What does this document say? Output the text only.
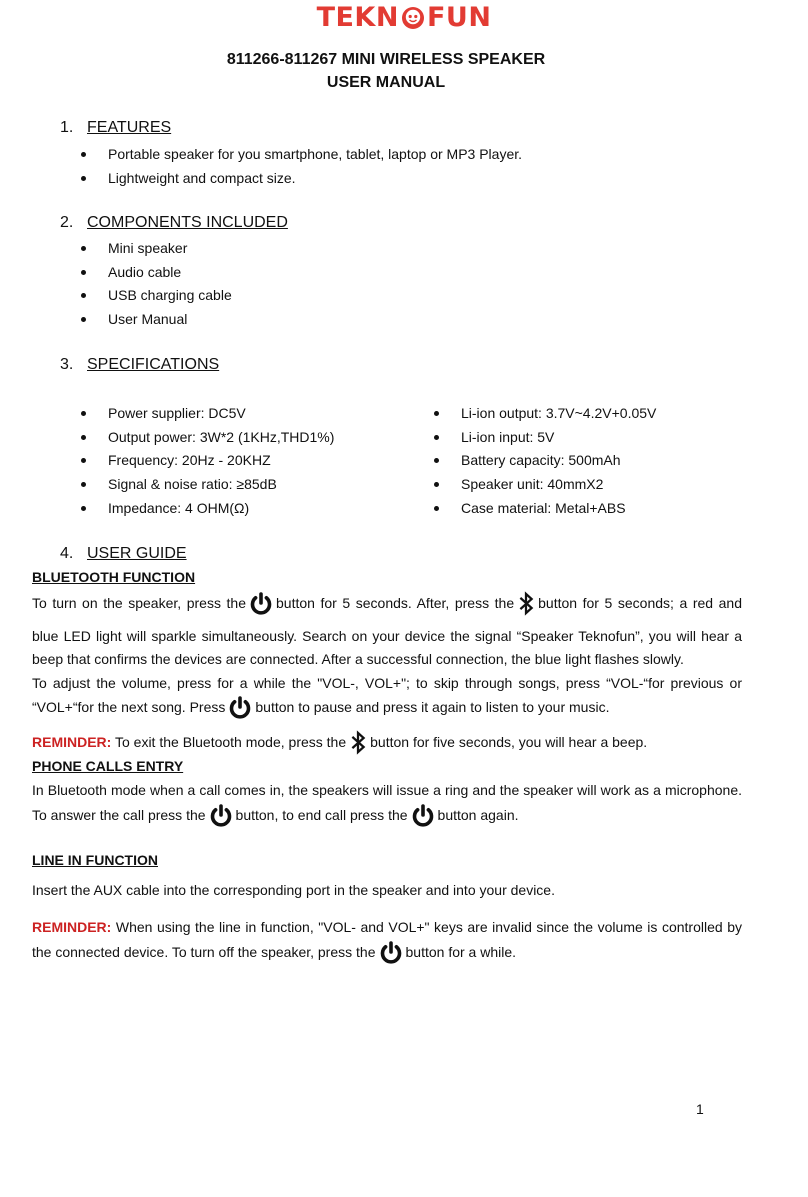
TEKN FUN
811266-811267 MINI WIRELESS SPEAKER
USER MANUAL
1. FEATURES
Portable speaker for you smartphone, tablet, laptop or MP3 Player.
Lightweight and compact size.
2. COMPONENTS INCLUDED
Mini speaker
Audio cable
USB charging cable
User Manual
3. SPECIFICATIONS
Power supplier: DC5V
Output power: 3W*2 (1KHz,THD1%)
Frequency: 20Hz - 20KHZ
Signal & noise ratio: ≥85dB
Impedance: 4 OHM(Ω)
Li-ion output: 3.7V~4.2V+0.05V
Li-ion input: 5V
Battery capacity: 500mAh
Speaker unit: 40mmX2
Case material: Metal+ABS
4. USER GUIDE
BLUETOOTH FUNCTION
To turn on the speaker, press the button for 5 seconds. After, press the button for 5 seconds; a red and blue LED light will sparkle simultaneously. Search on your device the signal “Speaker Teknofun”, you will hear a beep that confirms the devices are connected. After a successful connection, the blue light flashes slowly.
To adjust the volume, press for a while the "VOL-, VOL+"; to skip through songs, press “VOL-“for previous or “VOL+“for the next song. Press button to pause and press it again to listen to your music.
REMINDER: To exit the Bluetooth mode, press the button for five seconds, you will hear a beep.
PHONE CALLS ENTRY
In Bluetooth mode when a call comes in, the speakers will issue a ring and the speaker will work as a microphone. To answer the call press the button, to end call press the button again.
LINE IN FUNCTION
Insert the AUX cable into the corresponding port in the speaker and into your device.
REMINDER: When using the line in function, "VOL- and VOL+" keys are invalid since the volume is controlled by the connected device. To turn off the speaker, press the button for a while.
1
